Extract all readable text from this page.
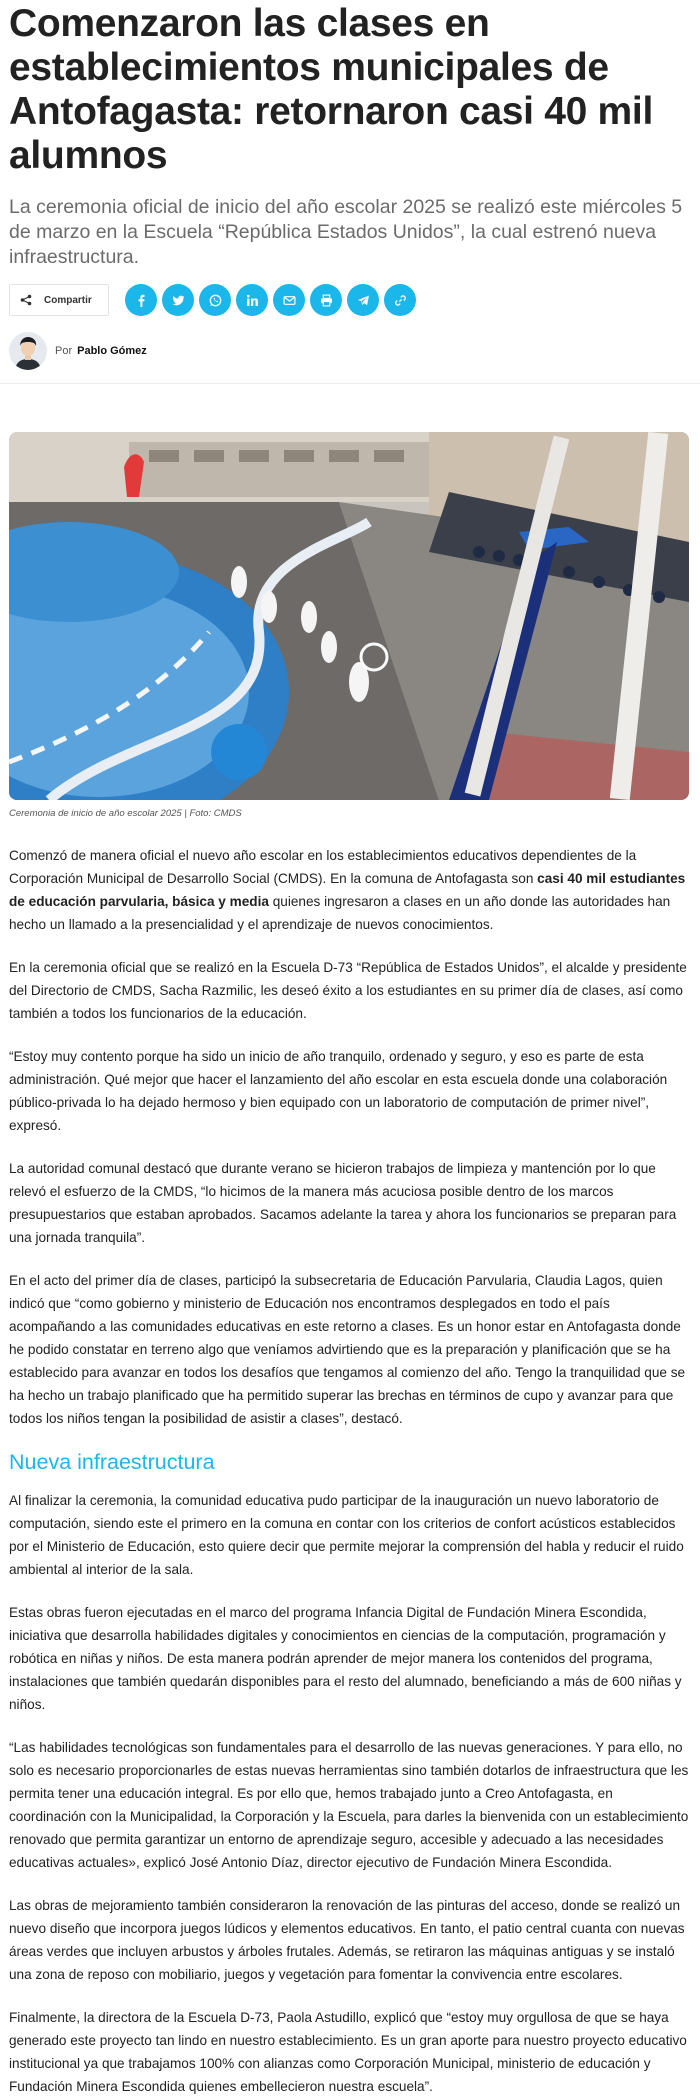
Comenzaron las clases en establecimientos municipales de Antofagasta: retornaron casi 40 mil alumnos

La ceremonia oficial de inicio del año escolar 2025 se realizó este miércoles 5 de marzo en la Escuela “República Estados Unidos”, la cual estrenó nueva infraestructura.

Compartir
Por Pablo Gómez

Ceremonia de inicio de año escolar 2025 | Foto: CMDS

Comenzó de manera oficial el nuevo año escolar en los establecimientos educativos dependientes de la Corporación Municipal de Desarrollo Social (CMDS). En la comuna de Antofagasta son casi 40 mil estudiantes de educación parvularia, básica y media quienes ingresaron a clases en un año donde las autoridades han hecho un llamado a la presencialidad y el aprendizaje de nuevos conocimientos.

En la ceremonia oficial que se realizó en la Escuela D-73 “República de Estados Unidos”, el alcalde y presidente del Directorio de CMDS, Sacha Razmilic, les deseó éxito a los estudiantes en su primer día de clases, así como también a todos los funcionarios de la educación.

“Estoy muy contento porque ha sido un inicio de año tranquilo, ordenado y seguro, y eso es parte de esta administración. Qué mejor que hacer el lanzamiento del año escolar en esta escuela donde una colaboración público-privada lo ha dejado hermoso y bien equipado con un laboratorio de computación de primer nivel”, expresó.

La autoridad comunal destacó que durante verano se hicieron trabajos de limpieza y mantención por lo que relevó el esfuerzo de la CMDS, “lo hicimos de la manera más acuciosa posible dentro de los marcos presupuestarios que estaban aprobados. Sacamos adelante la tarea y ahora los funcionarios se preparan para una jornada tranquila”.

En el acto del primer día de clases, participó la subsecretaria de Educación Parvularia, Claudia Lagos, quien indicó que “como gobierno y ministerio de Educación nos encontramos desplegados en todo el país acompañando a las comunidades educativas en este retorno a clases. Es un honor estar en Antofagasta donde he podido constatar en terreno algo que veníamos advirtiendo que es la preparación y planificación que se ha establecido para avanzar en todos los desafíos que tengamos al comienzo del año. Tengo la tranquilidad que se ha hecho un trabajo planificado que ha permitido superar las brechas en términos de cupo y avanzar para que todos los niños tengan la posibilidad de asistir a clases”, destacó.

Nueva infraestructura

Al finalizar la ceremonia, la comunidad educativa pudo participar de la inauguración un nuevo laboratorio de computación, siendo este el primero en la comuna en contar con los criterios de confort acústicos establecidos por el Ministerio de Educación, esto quiere decir que permite mejorar la comprensión del habla y reducir el ruido ambiental al interior de la sala.

Estas obras fueron ejecutadas en el marco del programa Infancia Digital de Fundación Minera Escondida, iniciativa que desarrolla habilidades digitales y conocimientos en ciencias de la computación, programación y robótica en niñas y niños. De esta manera podrán aprender de mejor manera los contenidos del programa, instalaciones que también quedarán disponibles para el resto del alumnado, beneficiando a más de 600 niñas y niños.

“Las habilidades tecnológicas son fundamentales para el desarrollo de las nuevas generaciones. Y para ello, no solo es necesario proporcionarles de estas nuevas herramientas sino también dotarlos de infraestructura que les permita tener una educación integral. Es por ello que, hemos trabajado junto a Creo Antofagasta, en coordinación con la Municipalidad, la Corporación y la Escuela, para darles la bienvenida con un establecimiento renovado que permita garantizar un entorno de aprendizaje seguro, accesible y adecuado a las necesidades educativas actuales», explicó José Antonio Díaz, director ejecutivo de Fundación Minera Escondida.

Las obras de mejoramiento también consideraron la renovación de las pinturas del acceso, donde se realizó un nuevo diseño que incorpora juegos lúdicos y elementos educativos. En tanto, el patio central cuanta con nuevas áreas verdes que incluyen arbustos y árboles frutales. Además, se retiraron las máquinas antiguas y se instaló una zona de reposo con mobiliario, juegos y vegetación para fomentar la convivencia entre escolares.

Finalmente, la directora de la Escuela D-73, Paola Astudillo, explicó que “estoy muy orgullosa de que se haya generado este proyecto tan lindo en nuestro establecimiento. Es un gran aporte para nuestro proyecto educativo institucional ya que trabajamos 100% con alianzas como Corporación Municipal, ministerio de educación y Fundación Minera Escondida quienes embellecieron nuestra escuela”.
